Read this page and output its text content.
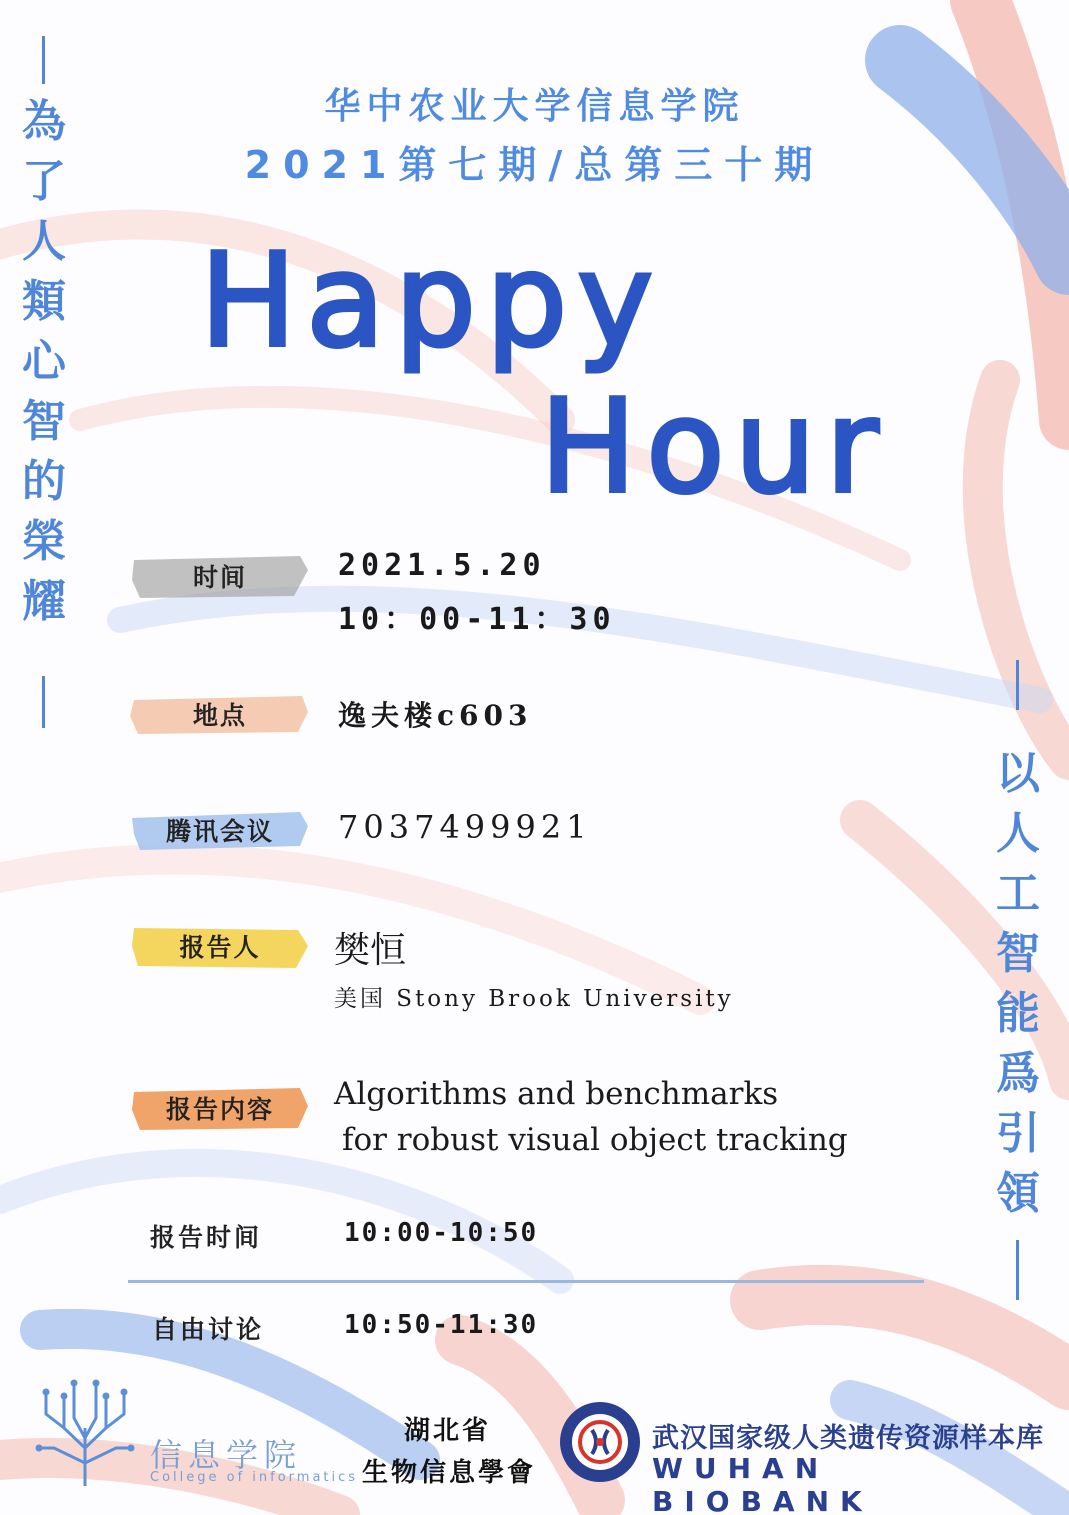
华中农业大学信息学院
2021第七期/总第三十期
為
了
人
類
心
智
的
榮
耀
以
人
工
智
能
爲
引
領
Happy
Hour
时间	2021.5.20
10：00-11：30
地点	逸夫楼c603
腾讯会议 7037499921
报告人 樊恒
美国 Stony Brook University
报告内容 Algorithms and benchmarks
for robust visual object tracking
报告时间	10:00-10:50
自由讨论	10:50-11:30
信息学院
College of informatics
湖北省
生物信息學會
武汉国家级人类遗传资源样本库
WUHAN BIOBANK
